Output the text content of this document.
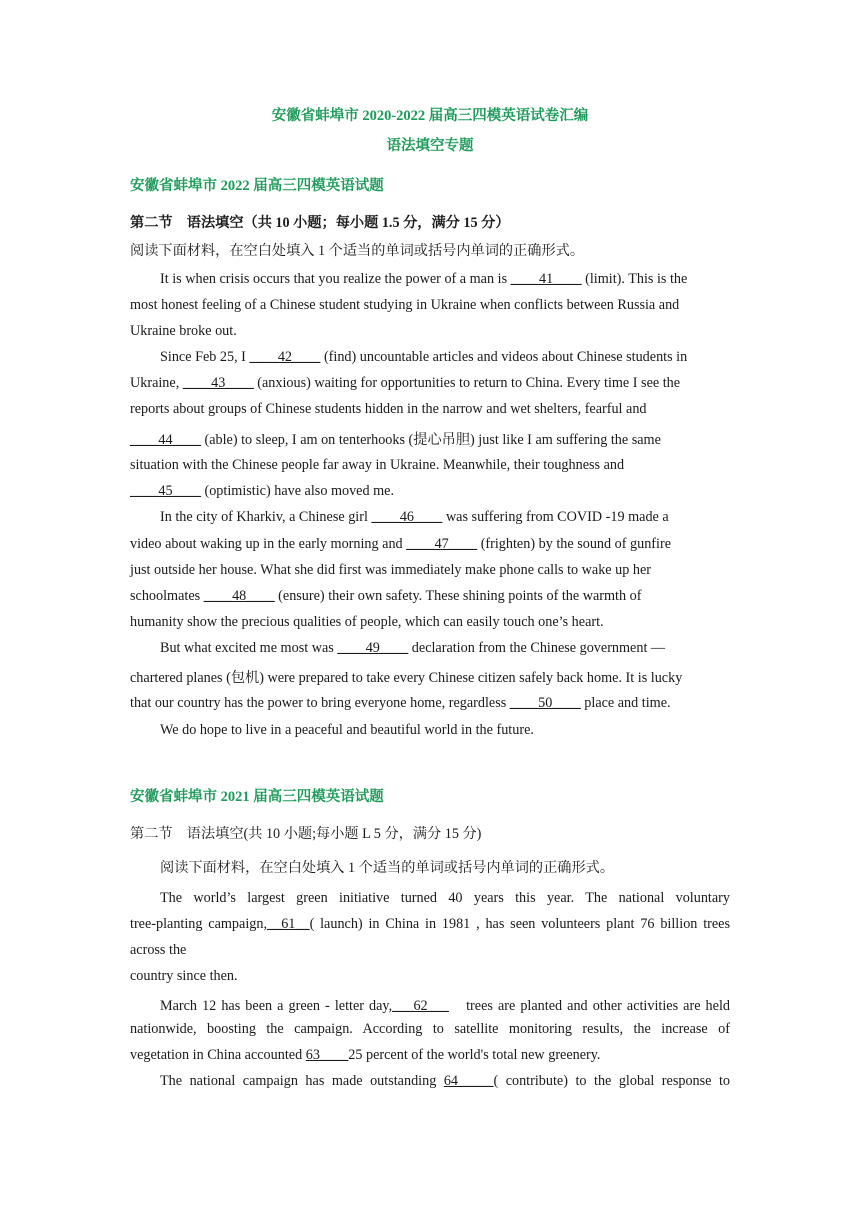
安徽省蚌埠市 2020-2022 届高三四模英语试卷汇编
语法填空专题
安徽省蚌埠市 2022 届高三四模英语试题
第二节　语法填空（共 10 小题；每小题 1.5 分，满分 15 分）
阅读下面材料，在空白处填入 1 个适当的单词或括号内单词的正确形式。
It is when crisis occurs that you realize the power of a man is ____41____ (limit). This is the
most honest feeling of a Chinese student studying in Ukraine when conflicts between Russia and
Ukraine broke out.
Since Feb 25, I ____42____ (find) uncountable articles and videos about Chinese students in
Ukraine, ____43____ (anxious) waiting for opportunities to return to China. Every time I see the
reports about groups of Chinese students hidden in the narrow and wet shelters, fearful and
____44____ (able) to sleep, I am on tenterhooks (提心吊胆) just like I am suffering the same
situation with the Chinese people far away in Ukraine. Meanwhile, their toughness and
____45____ (optimistic) have also moved me.
In the city of Kharkiv, a Chinese girl ____46____ was suffering from COVID -19 made a
video about waking up in the early morning and ____47____ (frighten) by the sound of gunfire
just outside her house. What she did first was immediately make phone calls to wake up her
schoolmates ____48____ (ensure) their own safety. These shining points of the warmth of
humanity show the precious qualities of people, which can easily touch one’s heart.
But what excited me most was ____49____ declaration from the Chinese government —
chartered planes (包机) were prepared to take every Chinese citizen safely back home. It is lucky
that our country has the power to bring everyone home, regardless ____50____ place and time.
We do hope to live in a peaceful and beautiful world in the future.
安徽省蚌埠市 2021 届高三四模英语试题
第二节　语法填空(共 10 小题;每小题 L 5 分，满分 15 分)
阅读下面材料，在空白处填入 1 个适当的单词或括号内单词的正确形式。
The world’s largest green initiative turned 40 years this year. The national voluntary
tree-planting campaign,__61__( launch) in China in 1981 , has seen volunteers plant 76 billion trees
across the
country since then.
March 12 has been a green - letter day,___62___　trees are planted and other activities are held
nationwide, boosting the campaign. According to satellite monitoring results, the increase of
vegetation in China accounted 63____25 percent of the world's total new greenery.
The national campaign has made outstanding 64_____( contribute) to the global response to
